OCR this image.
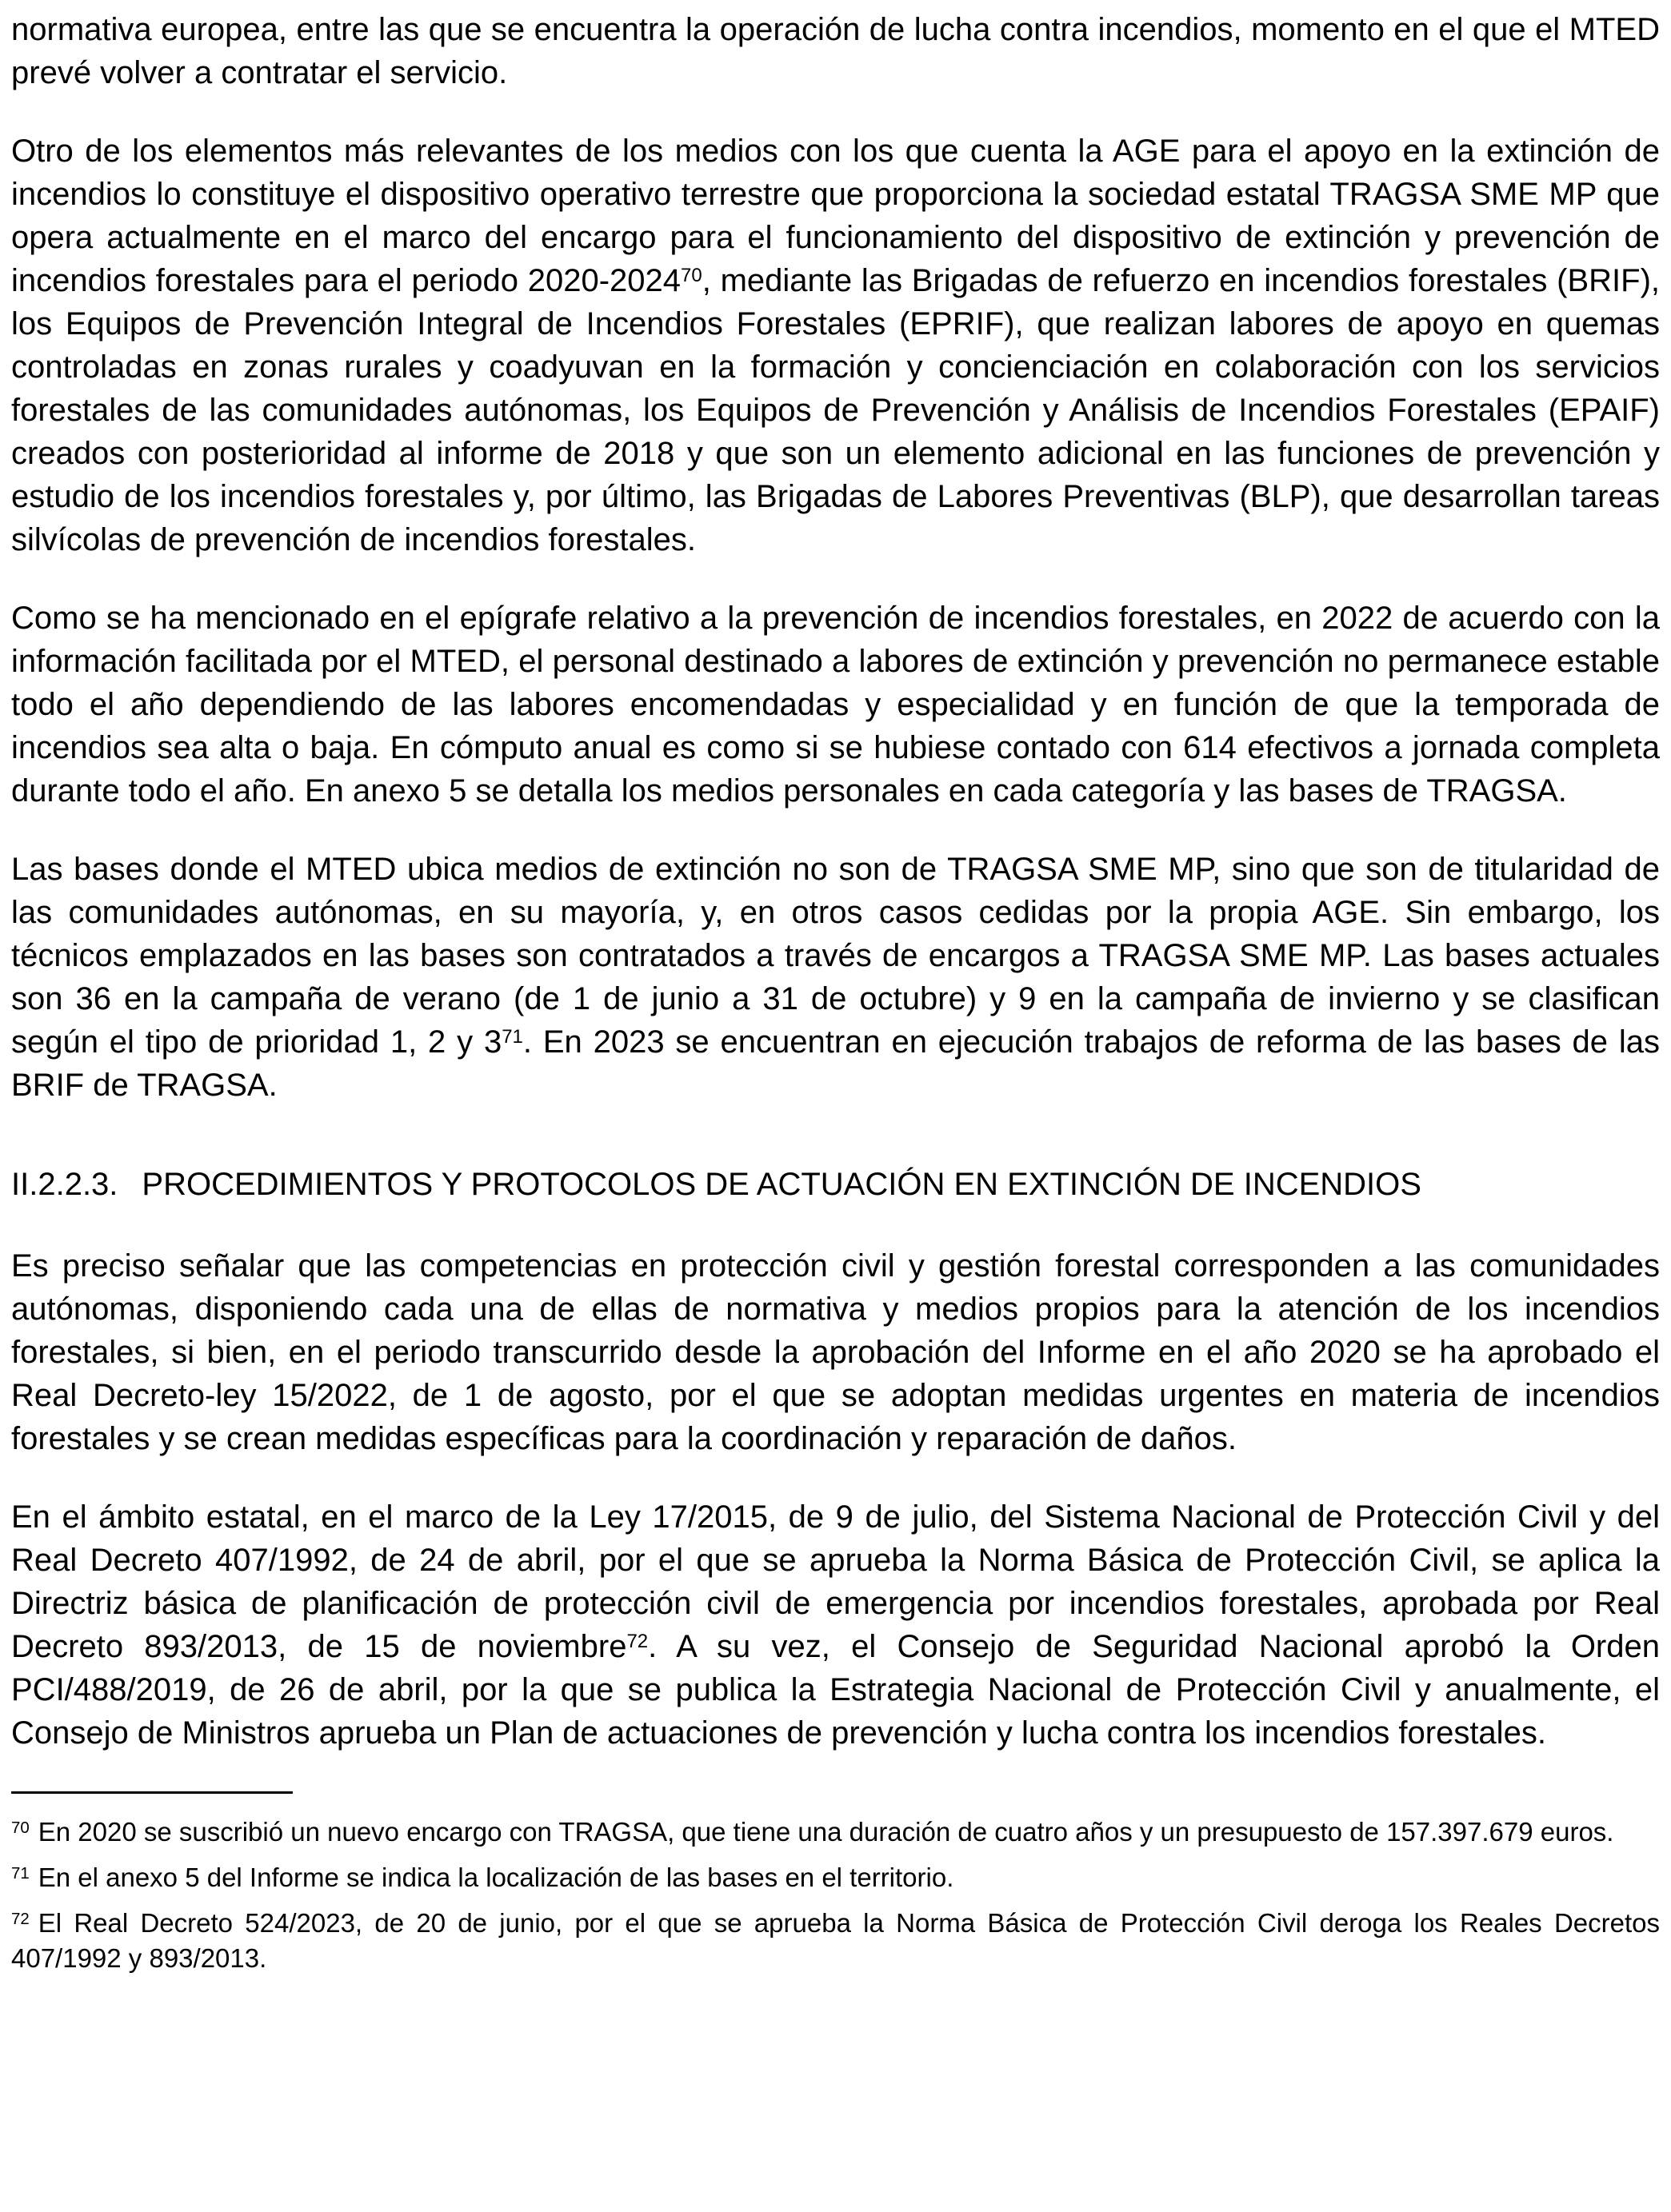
normativa europea, entre las que se encuentra la operación de lucha contra incendios, momento en el que el MTED prevé volver a contratar el servicio.

Otro de los elementos más relevantes de los medios con los que cuenta la AGE para el apoyo en la extinción de incendios lo constituye el dispositivo operativo terrestre que proporciona la sociedad estatal TRAGSA SME MP que opera actualmente en el marco del encargo para el funcionamiento del dispositivo de extinción y prevención de incendios forestales para el periodo 2020-2024$^{70}$, mediante las Brigadas de refuerzo en incendios forestales (BRIF), los Equipos de Prevención Integral de Incendios Forestales (EPRIF), que realizan labores de apoyo en quemas controladas en zonas rurales y coadyuvan en la formación y concienciación en colaboración con los servicios forestales de las comunidades autónomas, los Equipos de Prevención y Análisis de Incendios Forestales (EPAIF) creados con posterioridad al informe de 2018 y que son un elemento adicional en las funciones de prevención y estudio de los incendios forestales y, por último, las Brigadas de Labores Preventivas (BLP), que desarrollan tareas silvícolas de prevención de incendios forestales.

Como se ha mencionado en el epígrafe relativo a la prevención de incendios forestales, en 2022 de acuerdo con la información facilitada por el MTED, el personal destinado a labores de extinción y prevención no permanece estable todo el año dependiendo de las labores encomendadas y especialidad y en función de que la temporada de incendios sea alta o baja. En cómputo anual es como si se hubiese contado con 614 efectivos a jornada completa durante todo el año. En anexo 5 se detalla los medios personales en cada categoría y las bases de TRAGSA.

Las bases donde el MTED ubica medios de extinción no son de TRAGSA SME MP, sino que son de titularidad de las comunidades autónomas, en su mayoría, y, en otros casos cedidas por la propia AGE. Sin embargo, los técnicos emplazados en las bases son contratados a través de encargos a TRAGSA SME MP. Las bases actuales son 36 en la campaña de verano (de 1 de junio a 31 de octubre) y 9 en la campaña de invierno y se clasifican según el tipo de prioridad 1, 2 y 3$^{71}$. En 2023 se encuentran en ejecución trabajos de reforma de las bases de las BRIF de TRAGSA.

II.2.2.3. PROCEDIMIENTOS Y PROTOCOLOS DE ACTUACIÓN EN EXTINCIÓN DE INCENDIOS

Es preciso señalar que las competencias en protección civil y gestión forestal corresponden a las comunidades autónomas, disponiendo cada una de ellas de normativa y medios propios para la atención de los incendios forestales, si bien, en el periodo transcurrido desde la aprobación del Informe en el año 2020 se ha aprobado el Real Decreto-ley 15/2022, de 1 de agosto, por el que se adoptan medidas urgentes en materia de incendios forestales y se crean medidas específicas para la coordinación y reparación de daños.

En el ámbito estatal, en el marco de la Ley 17/2015, de 9 de julio, del Sistema Nacional de Protección Civil y del Real Decreto 407/1992, de 24 de abril, por el que se aprueba la Norma Básica de Protección Civil, se aplica la Directriz básica de planificación de protección civil de emergencia por incendios forestales, aprobada por Real Decreto 893/2013, de 15 de noviembre$^{72}$. A su vez, el Consejo de Seguridad Nacional aprobó la Orden PCI/488/2019, de 26 de abril, por la que se publica la Estrategia Nacional de Protección Civil y anualmente, el Consejo de Ministros aprueba un Plan de actuaciones de prevención y lucha contra los incendios forestales.

$^{70}$ En 2020 se suscribió un nuevo encargo con TRAGSA, que tiene una duración de cuatro años y un presupuesto de 157.397.679 euros.

$^{71}$ En el anexo 5 del Informe se indica la localización de las bases en el territorio.

$^{72}$ El Real Decreto 524/2023, de 20 de junio, por el que se aprueba la Norma Básica de Protección Civil deroga los Reales Decretos 407/1992 y 893/2013.
